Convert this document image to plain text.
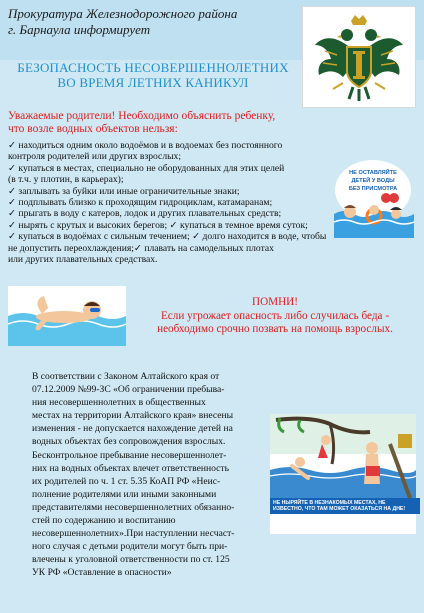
Прокуратура Железнодорожного района
г. Барнаула информирует
БЕЗОПАСНОСТЬ НЕСОВЕРШЕННОЛЕТНИХ
ВО ВРЕМЯ ЛЕТНИХ КАНИКУЛ
Уважаемые родители! Необходимо объяснить ребенку,
что возле водных объектов нельзя:
✓ находиться одним около водоёмов и в водоемах без постоянного
контроля родителей или других взрослых;
✓ купаться в местах, специально не оборудованных для этих целей
(в т.ч. у плотин, в карьерах);
✓ заплывать за буйки или иные ограничительные знаки;
✓ подплывать близко к проходящим гидроциклам, катамаранам;
✓ прыгать в воду с катеров, лодок и других плавательных средств;
✓ нырять с крутых и высоких берегов; ✓ купаться в темное время суток;
✓ купаться в водоёмах с сильным течением; ✓ долго находится в воде, чтобы
не допустить переохлаждения;✓ плавать на самодельных плотах
или других плавательных средствах.
НЕ ОСТАВЛЯЙТЕ
ДЕТЕЙ У ВОДЫ
БЕЗ ПРИСМОТРА
ПОМНИ!
Если угрожает опасность либо случилась беда -
необходимо срочно позвать на помощь взрослых.
В соответствии с Законом Алтайского края от
07.12.2009 №99-ЗС «Об ограничении пребыва-
ния несовершеннолетних в общественных
местах на территории Алтайского края» внесены
изменения - не допускается нахождение детей на
водных объектах без сопровождения взрослых.
Бесконтрольное пребывание несовершеннолет-
них на водных объектах влечет ответственность
их родителей по ч. 1 ст. 5.35 КоАП РФ «Неис-
полнение родителями или иными законными
представителями несовершеннолетних обязанно-
стей по содержанию и воспитанию
несовершеннолетних».При наступлении несчаст-
ного случая с детьми родители могут быть при-
влечены к уголовной ответственности по ст. 125
УК РФ «Оставление в опасности»
НЕ НЫРЯЙТЕ В НЕЗНАКОМЫХ МЕСТАХ, НЕ ИЗВЕСТНО, ЧТО ТАМ МОЖЕТ ОКАЗАТЬСЯ НА ДНЕ!
